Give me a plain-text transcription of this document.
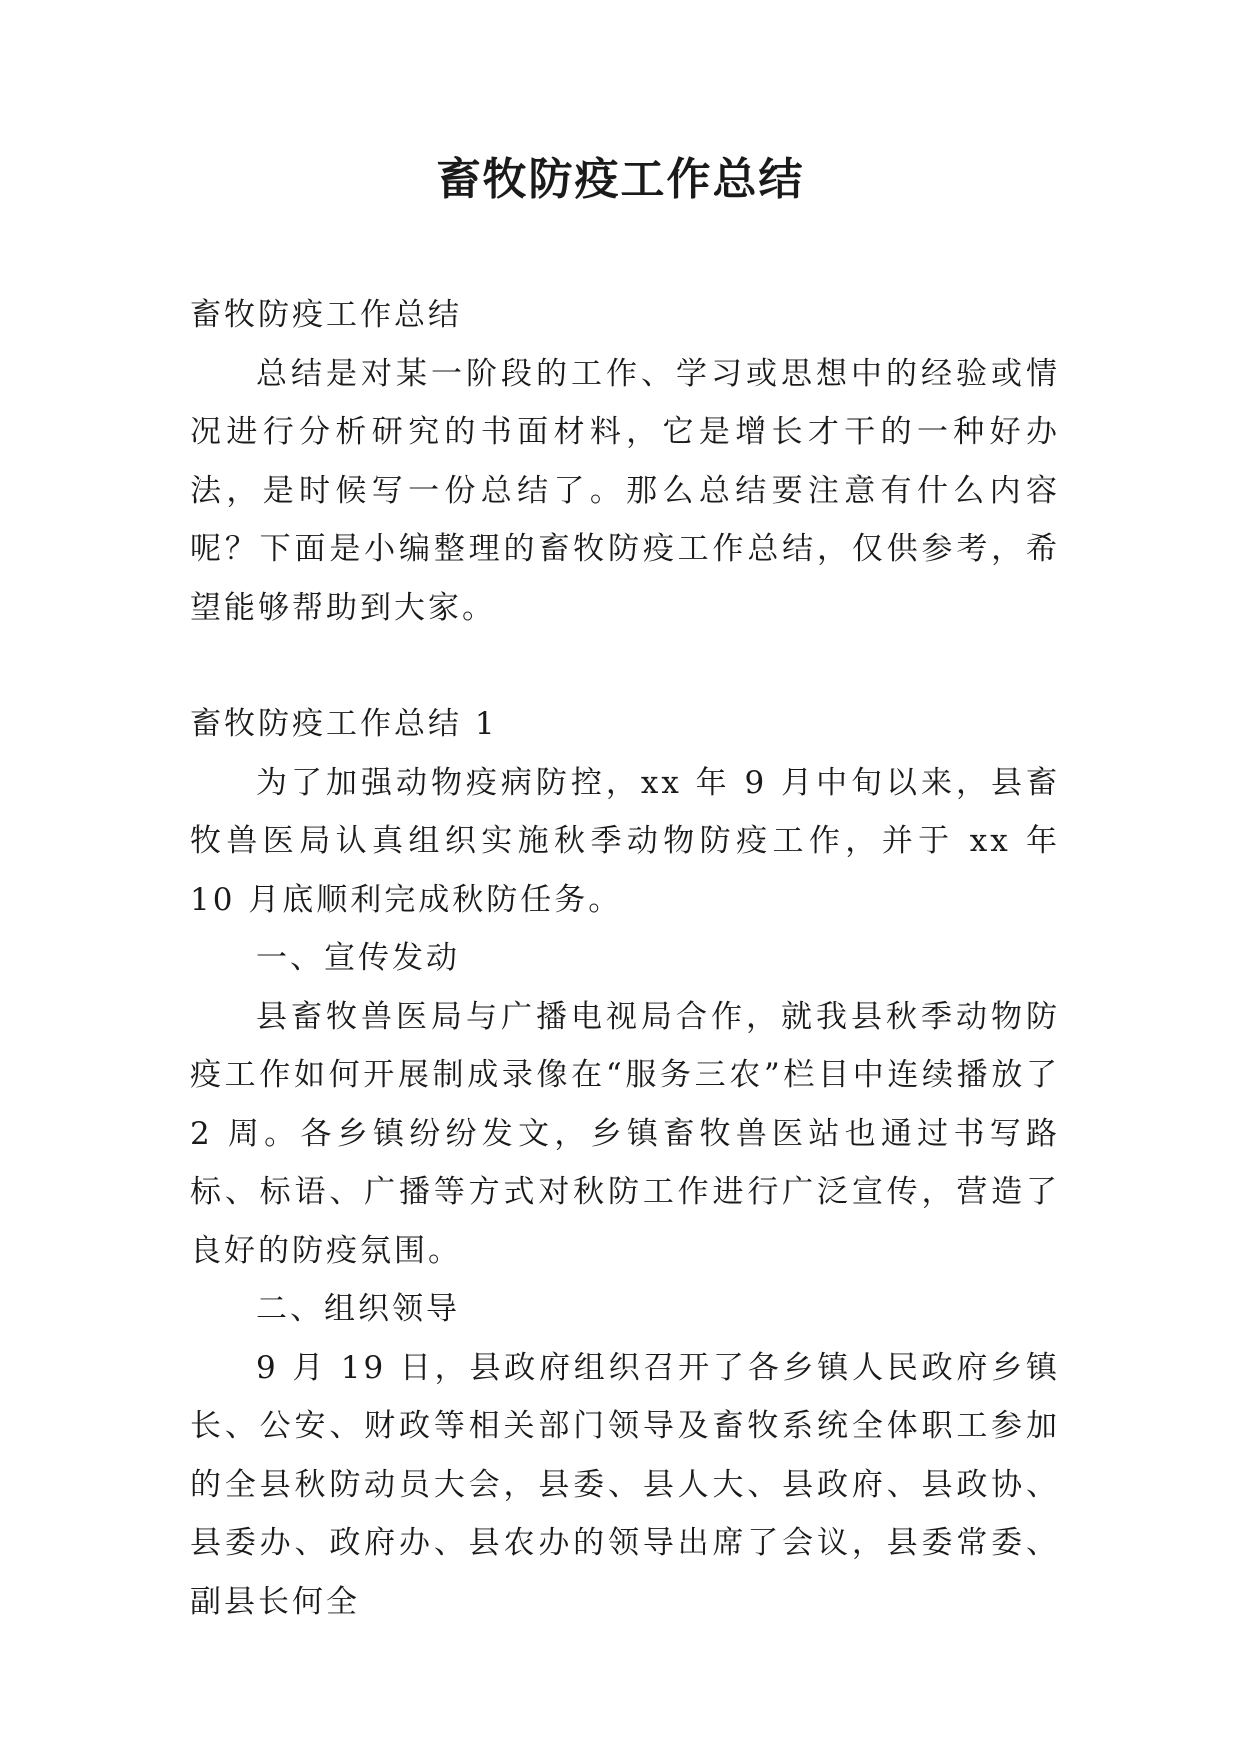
畜牧防疫工作总结

畜牧防疫工作总结

总结是对某一阶段的工作、学习或思想中的经验或情况进行分析研究的书面材料，它是增长才干的一种好办法，是时候写一份总结了。那么总结要注意有什么内容呢？下面是小编整理的畜牧防疫工作总结，仅供参考，希望能够帮助到大家。

畜牧防疫工作总结 1

为了加强动物疫病防控，xx 年 9 月中旬以来，县畜牧兽医局认真组织实施秋季动物防疫工作，并于 xx 年 10 月底顺利完成秋防任务。

一、宣传发动

县畜牧兽医局与广播电视局合作，就我县秋季动物防疫工作如何开展制成录像在“服务三农”栏目中连续播放了 2 周。各乡镇纷纷发文，乡镇畜牧兽医站也通过书写路标、标语、广播等方式对秋防工作进行广泛宣传，营造了良好的防疫氛围。

二、组织领导

9 月 19 日，县政府组织召开了各乡镇人民政府乡镇长、公安、财政等相关部门领导及畜牧系统全体职工参加的全县秋防动员大会，县委、县人大、县政府、县政协、县委办、政府办、县农办的领导出席了会议，县委常委、副县长何全
